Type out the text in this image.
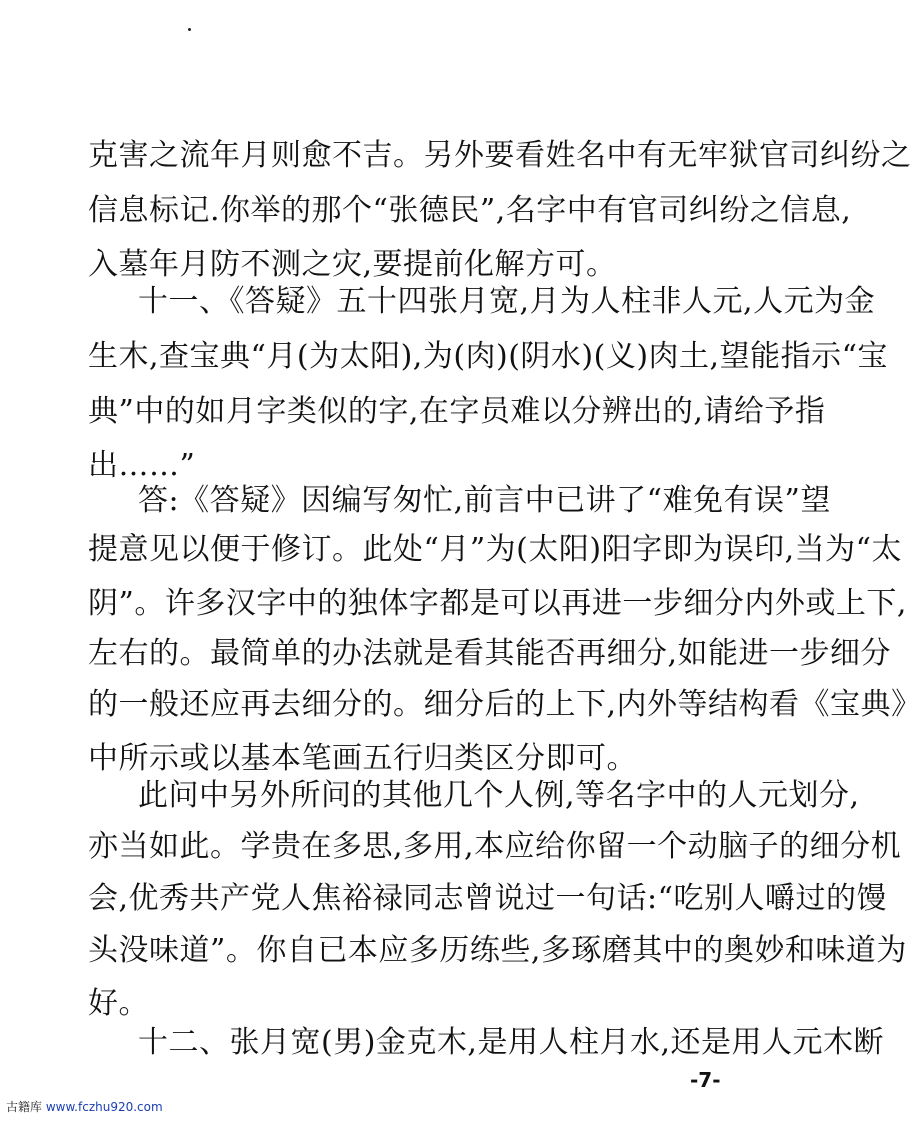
克害之流年月则愈不吉。另外要看姓名中有无牢狱官司纠纷之
信息标记.你举的那个“张德民”,名字中有官司纠纷之信息,
入墓年月防不测之灾,要提前化解方可。
十一、《答疑》五十四张月宽,月为人柱非人元,人元为金
生木,查宝典“月(为太阳),为(肉)(阴水)(义)肉土,望能指示“宝
典”中的如月字类似的字,在字员难以分辨出的,请给予指
出……”
答:《答疑》因编写匆忙,前言中已讲了“难免有误”望
提意见以便于修订。此处“月”为(太阳)阳字即为误印,当为“太
阴”。许多汉字中的独体字都是可以再进一步细分内外或上下,
左右的。最简单的办法就是看其能否再细分,如能进一步细分
的一般还应再去细分的。细分后的上下,内外等结构看《宝典》
中所示或以基本笔画五行归类区分即可。
此问中另外所问的其他几个人例,等名字中的人元划分,
亦当如此。学贵在多思,多用,本应给你留一个动脑子的细分机
会,优秀共产党人焦裕禄同志曾说过一句话:“吃别人嚼过的馒
头没味道”。你自已本应多历练些,多琢磨其中的奥妙和味道为
好。
十二、张月宽(男)金克木,是用人柱月水,还是用人元木断
-7-
古籍库 www.fczhu920.com
